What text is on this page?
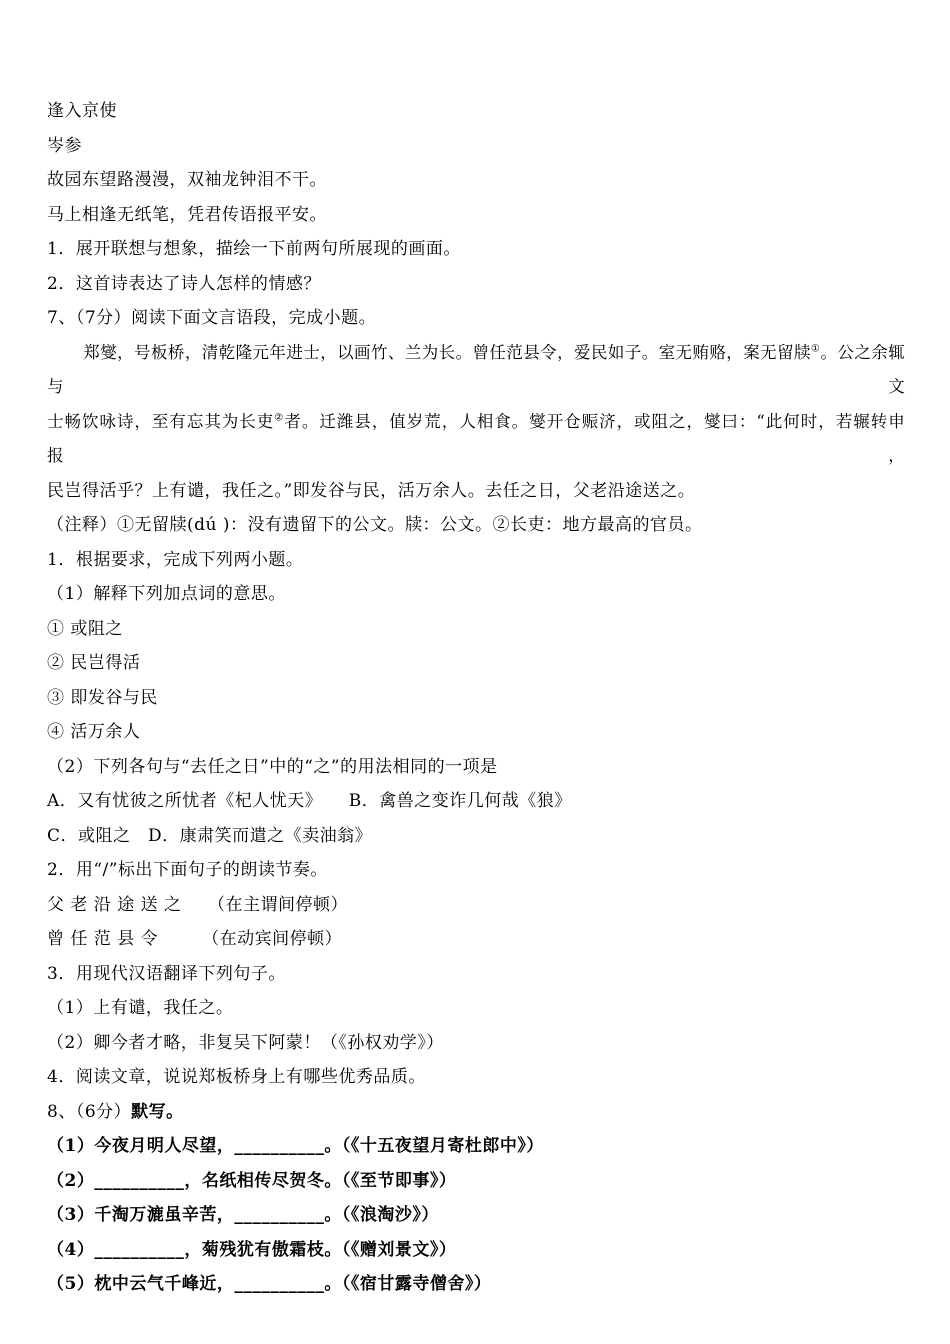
逢入京使
岑参
故园东望路漫漫，双袖龙钟泪不干。
马上相逢无纸笔，凭君传语报平安。
1．展开联想与想象，描绘一下前两句所展现的画面。
2．这首诗表达了诗人怎样的情感？
7、（7分）阅读下面文言语段，完成小题。
郑燮，号板桥，清乾隆元年进士，以画竹、兰为长。曾任范县令，爱民如子。室无贿赂，案无留牍①。公之余辄与文
士畅饮咏诗，至有忘其为长吏②者。迁潍县，值岁荒，人相食。燮开仓赈济，或阻之，燮曰：“此何时，若辗转申报，
民岂得活乎？上有谴，我任之。”即发谷与民，活万余人。去任之日，父老沿途送之。
（注释）①无留牍(dú )：没有遗留下的公文。牍：公文。②长吏：地方最高的官员。
1．根据要求，完成下列两小题。
（1）解释下列加点词的意思。
① 或阻之
② 民岂得活
③ 即发谷与民
④ 活万余人
（2）下列各句与“去任之日”中的“之”的用法相同的一项是
A．又有忧彼之所忧者《杞人忧天》　　B．禽兽之变诈几何哉《狼》
C．或阻之　D．康肃笑而遣之《卖油翁》
2．用“/”标出下面句子的朗读节奏。
父 老 沿 途 送 之　　（在主谓间停顿）
曾 任 范 县 令　　　（在动宾间停顿）
3．用现代汉语翻译下列句子。
（1）上有谴，我任之。
（2）卿今者才略，非复吴下阿蒙！（《孙权劝学》）
4．阅读文章，说说郑板桥身上有哪些优秀品质。
8、（6分）默写。
（1）今夜月明人尽望，__________。（《十五夜望月寄杜郎中》）
（2）__________，名纸相传尽贺冬。（《至节即事》）
（3）千淘万漉虽辛苦，__________。（《浪淘沙》）
（4）__________，菊残犹有傲霜枝。（《赠刘景文》）
（5）枕中云气千峰近，__________。（《宿甘露寺僧舍》）
